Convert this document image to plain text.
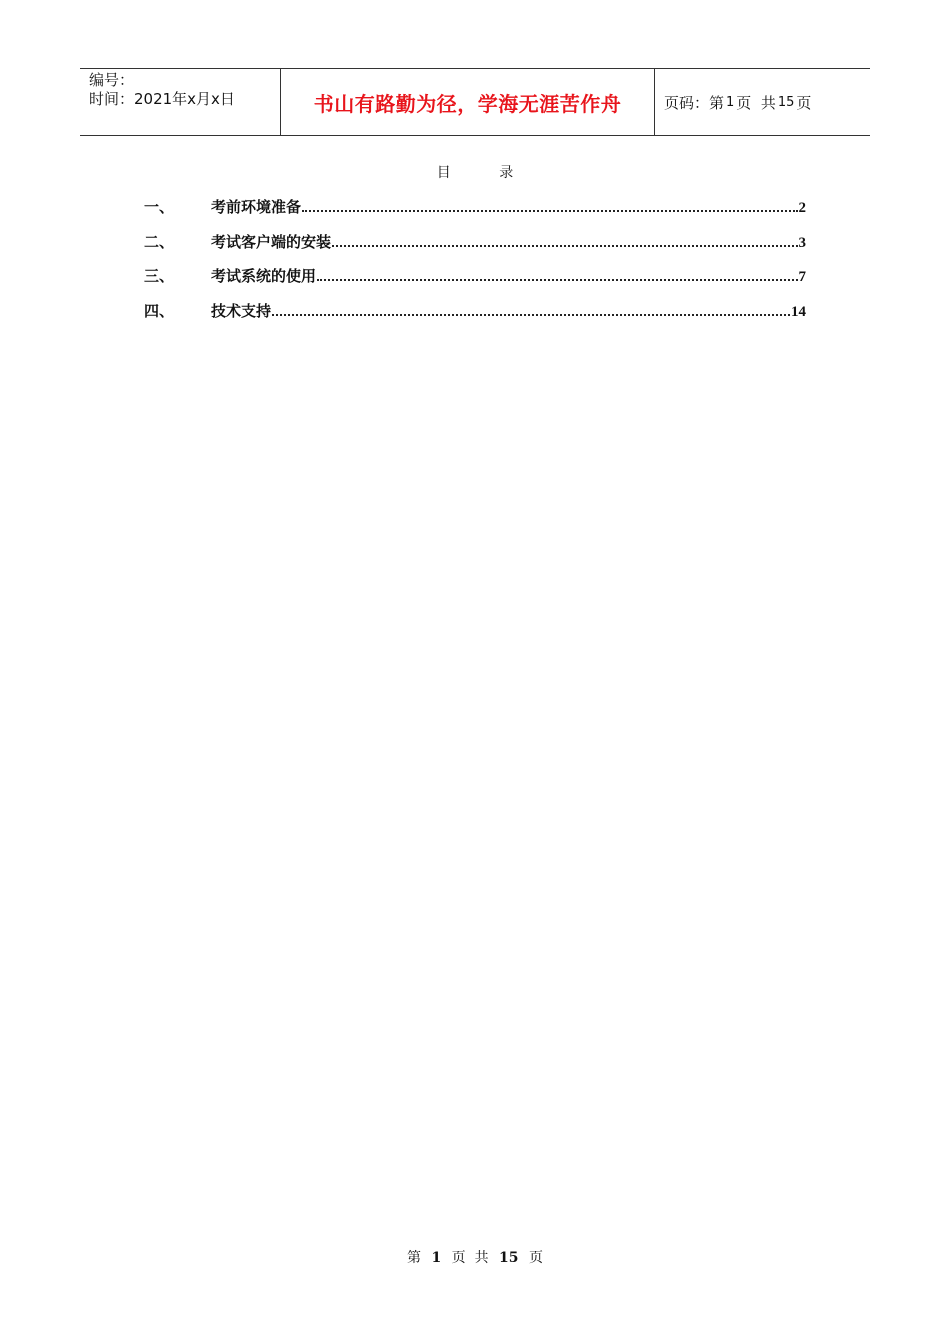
编号：
时间：2021年x月x日	书山有路勤为径，学海无涯苦作舟	页码：第 1 页  共 15 页
目	录
一、	考前环境准备	2
二、	考试客户端的安装	3
三、	考试系统的使用	7
四、	技术支持	14
第 1 页  共 15 页
